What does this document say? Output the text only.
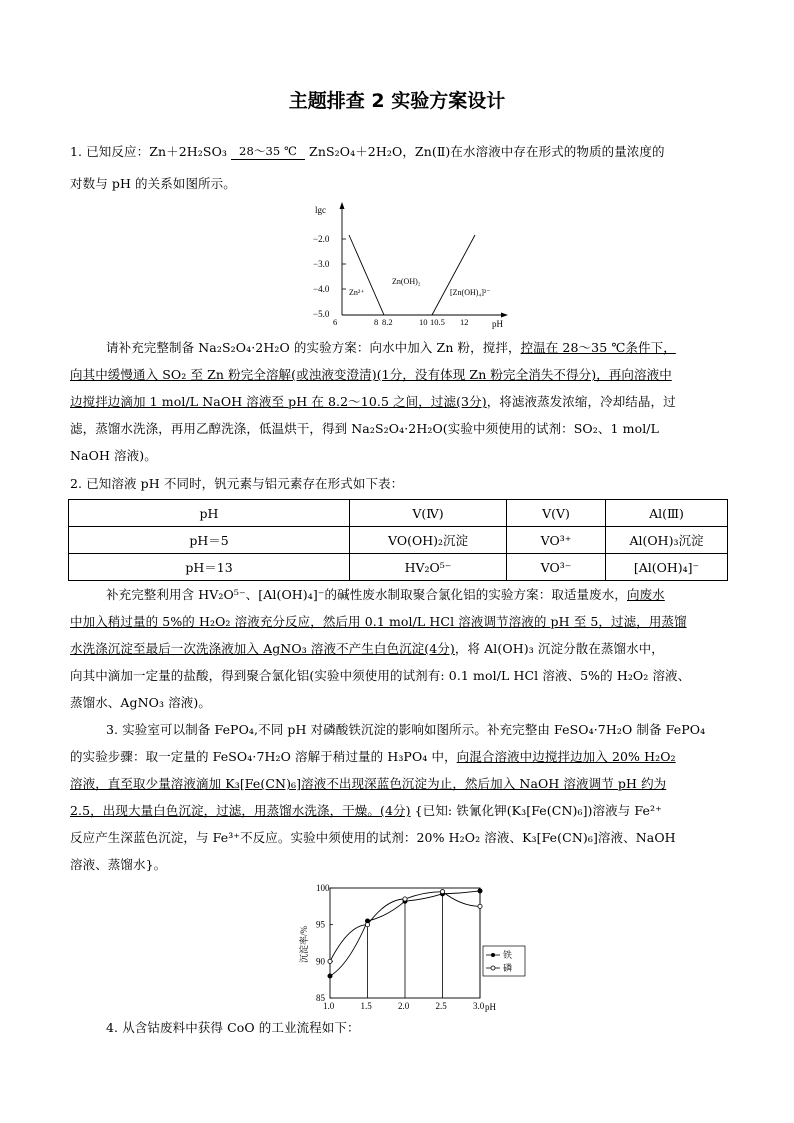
主题排查 2 实验方案设计
1. 已知反应：Zn＋2H₂SO₃	28～35 ℃ ZnS₂O₄＋2H₂O，Zn(Ⅱ)在水溶液中存在形式的物质的量浓度的
对数与 pH 的关系如图所示。
lgc
pH
−2.0
−3.0
−4.0
−5.0
6	8 8.2	10 10.5 12
Zn²⁺
Zn(OH)₂
[Zn(OH)₄]²⁻
请补充完整制备 Na₂S₂O₄·2H₂O 的实验方案：向水中加入 Zn 粉，搅拌，控温在 28～35 ℃条件下，
向其中缓慢通入 SO₂ 至 Zn 粉完全溶解(或浊液变澄清)(1分，没有体现 Zn 粉完全消失不得分)，再向溶液中
边搅拌边滴加 1 mol/L NaOH 溶液至 pH 在 8.2～10.5 之间，过滤(3分)，将滤液蒸发浓缩，冷却结晶，过
滤，蒸馏水洗涤，再用乙醇洗涤，低温烘干，得到 Na₂S₂O₄·2H₂O(实验中须使用的试剂：SO₂、1 mol/L
NaOH 溶液)。
2. 已知溶液 pH 不同时，钒元素与铝元素存在形式如下表：
pH	V(Ⅳ)	V(Ⅴ)	Al(Ⅲ)
pH＝5	VO(OH)₂沉淀	VO³⁺	Al(OH)₃沉淀
pH＝13	HV₂O⁵⁻	VO³⁻	[Al(OH)₄]⁻
补充完整利用含 HV₂O⁵⁻、[Al(OH)₄]⁻的碱性废水制取聚合氯化铝的实验方案：取适量废水，向废水
中加入稍过量的 5%的 H₂O₂ 溶液充分反应，然后用 0.1 mol/L HCl 溶液调节溶液的 pH 至 5，过滤，用蒸馏
水洗涤沉淀至最后一次洗涤液加入 AgNO₃ 溶液不产生白色沉淀(4分)，将 Al(OH)₃ 沉淀分散在蒸馏水中，
向其中滴加一定量的盐酸，得到聚合氯化铝(实验中须使用的试剂有: 0.1 mol/L HCl 溶液、5%的 H₂O₂ 溶液、
蒸馏水、AgNO₃ 溶液)。
3. 实验室可以制备 FePO₄,不同 pH 对磷酸铁沉淀的影响如图所示。补充完整由 FeSO₄·7H₂O 制备 FePO₄
的实验步骤：取一定量的 FeSO₄·7H₂O 溶解于稍过量的 H₃PO₄ 中，向混合溶液中边搅拌边加入 20% H₂O₂
溶液，直至取少量溶液滴加 K₃[Fe(CN)₆]溶液不出现深蓝色沉淀为止，然后加入 NaOH 溶液调节 pH 约为
2.5，出现大量白色沉淀，过滤，用蒸馏水洗涤，干燥。(4分) {已知: 铁氰化钾(K₃[Fe(CN)₆])溶液与 Fe²⁺
反应产生深蓝色沉淀，与 Fe³⁺不反应。实验中须使用的试剂：20% H₂O₂ 溶液、K₃[Fe(CN)₆]溶液、NaOH
溶液、蒸馏水}。
沉淀率/%
pH
85
90
95
100
1.0	1.5	2.0	2.5	3.0
铁
磷
4. 从含钴废料中获得 CoO 的工业流程如下：
